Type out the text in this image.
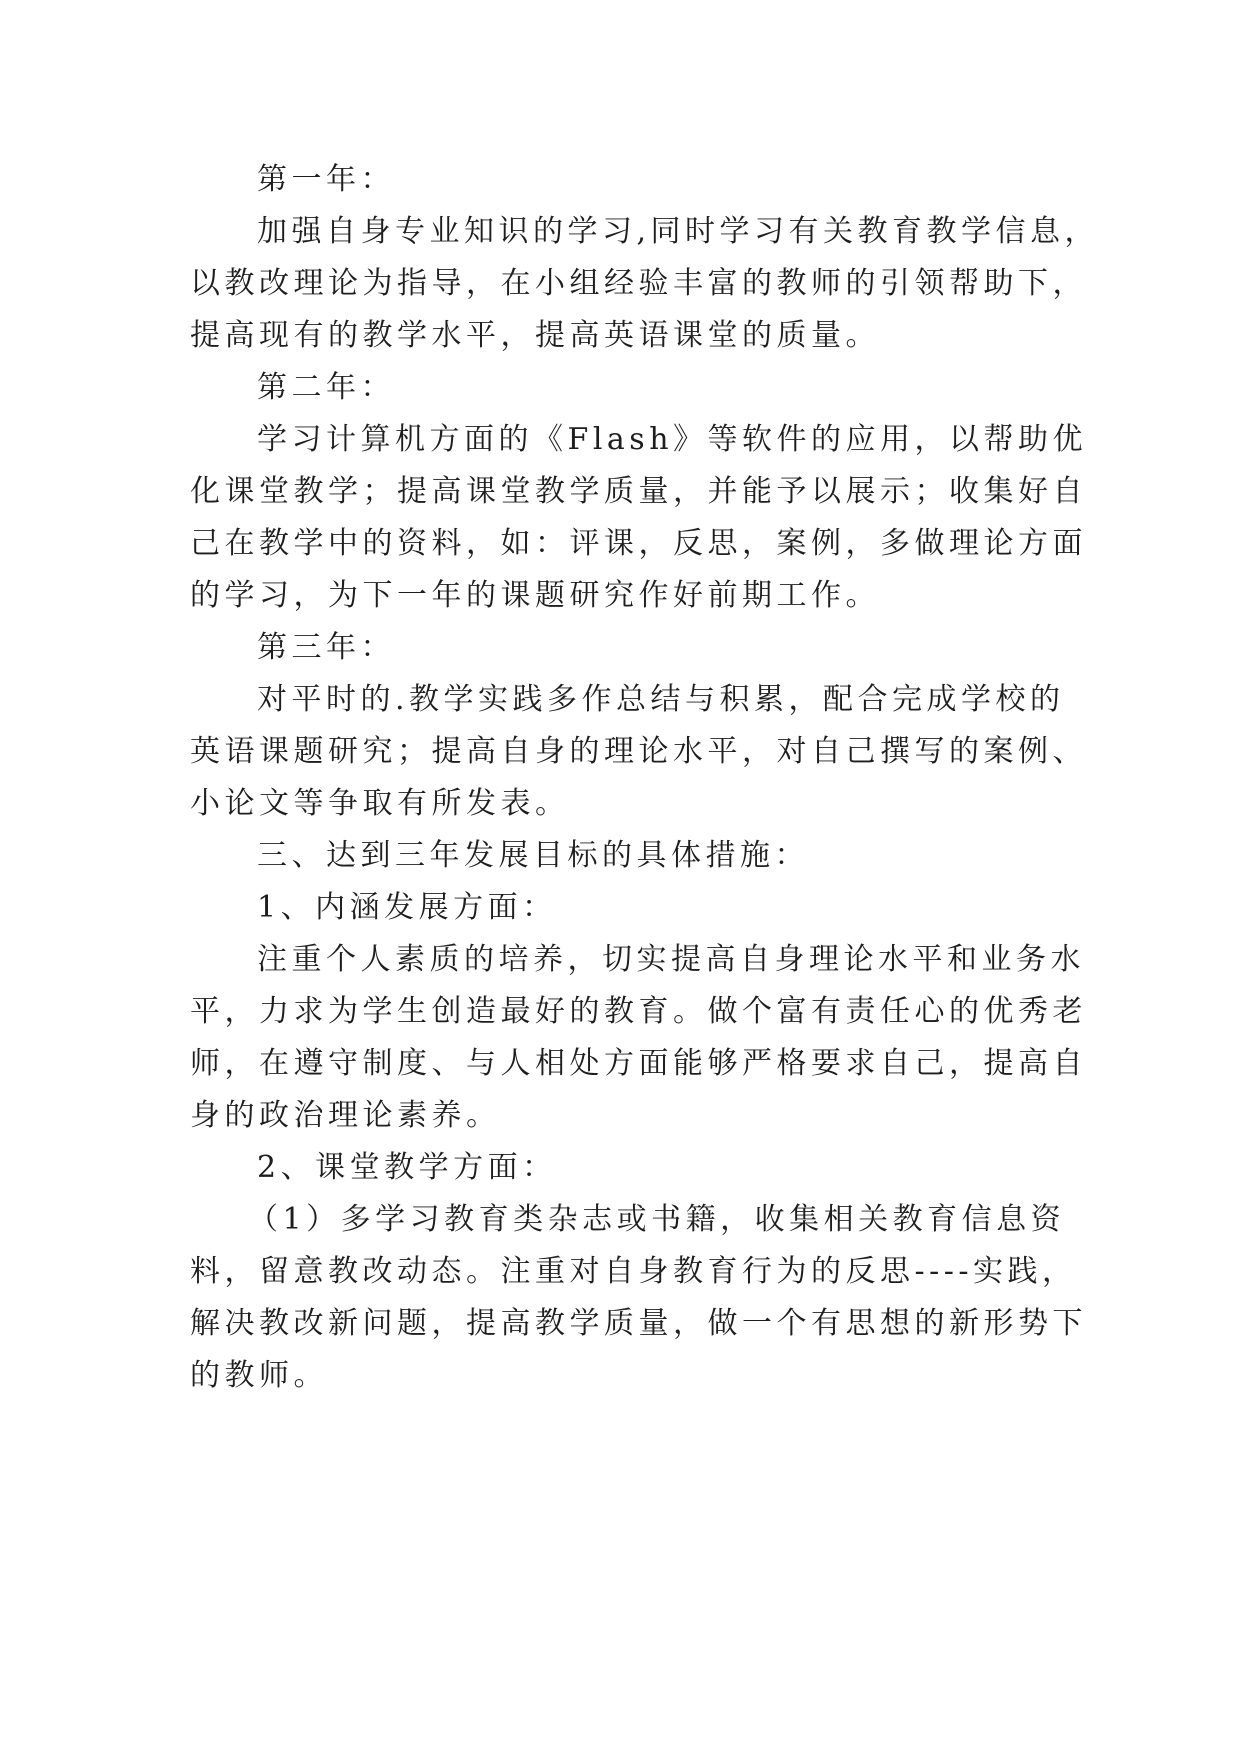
第一年：
加强自身专业知识的学习,同时学习有关教育教学信息，
以教改理论为指导，在小组经验丰富的教师的引领帮助下，
提高现有的教学水平，提高英语课堂的质量。
第二年：
学习计算机方面的《Flash》等软件的应用，以帮助优
化课堂教学；提高课堂教学质量，并能予以展示；收集好自
己在教学中的资料，如：评课，反思，案例，多做理论方面
的学习，为下一年的课题研究作好前期工作。
第三年：
对平时的.教学实践多作总结与积累，配合完成学校的
英语课题研究；提高自身的理论水平，对自己撰写的案例、
小论文等争取有所发表。
三、达到三年发展目标的具体措施：
1、内涵发展方面：
注重个人素质的培养，切实提高自身理论水平和业务水
平，力求为学生创造最好的教育。做个富有责任心的优秀老
师，在遵守制度、与人相处方面能够严格要求自己，提高自
身的政治理论素养。
2、课堂教学方面：
（1）多学习教育类杂志或书籍，收集相关教育信息资
料，留意教改动态。注重对自身教育行为的反思----实践，
解决教改新问题，提高教学质量，做一个有思想的新形势下
的教师。
